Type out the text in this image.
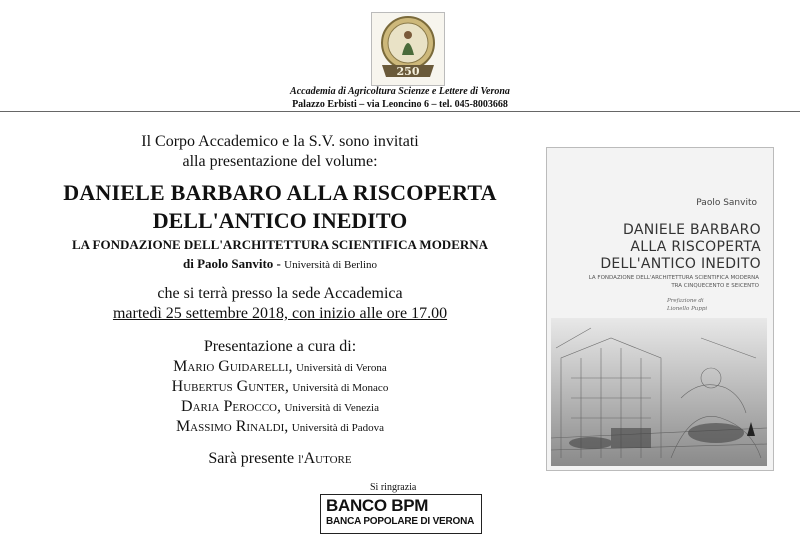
250
Accademia di Agricoltura Scienze e Lettere di Verona
Palazzo Erbisti – via Leoncino 6 – tel. 045-8003668
Il Corpo Accademico e la S.V. sono invitati
alla presentazione del volume:
DANIELE BARBARO ALLA RISCOPERTA
DELL'ANTICO INEDITO
LA FONDAZIONE DELL'ARCHITETTURA SCIENTIFICA MODERNA
di Paolo Sanvito - Università di Berlino
che si terrà presso la sede Accademica
martedì 25 settembre 2018, con inizio alle ore 17.00
Presentazione a cura di:
Mario Guidarelli, Università di Verona
Hubertus Gunter, Università di Monaco
Daria Perocco, Università di Venezia
Massimo Rinaldi, Università di Padova
Sarà presente l'Autore
Si ringrazia
BANCO BPM
BANCA POPOLARE DI VERONA
Paolo Sanvito
DANIELE BARBARO
ALLA RISCOPERTA
DELL'ANTICO INEDITO
LA FONDAZIONE DELL'ARCHITETTURA SCIENTIFICA MODERNA
TRA CINQUECENTO E SEICENTO
Prefazione di
Lionello Puppi
